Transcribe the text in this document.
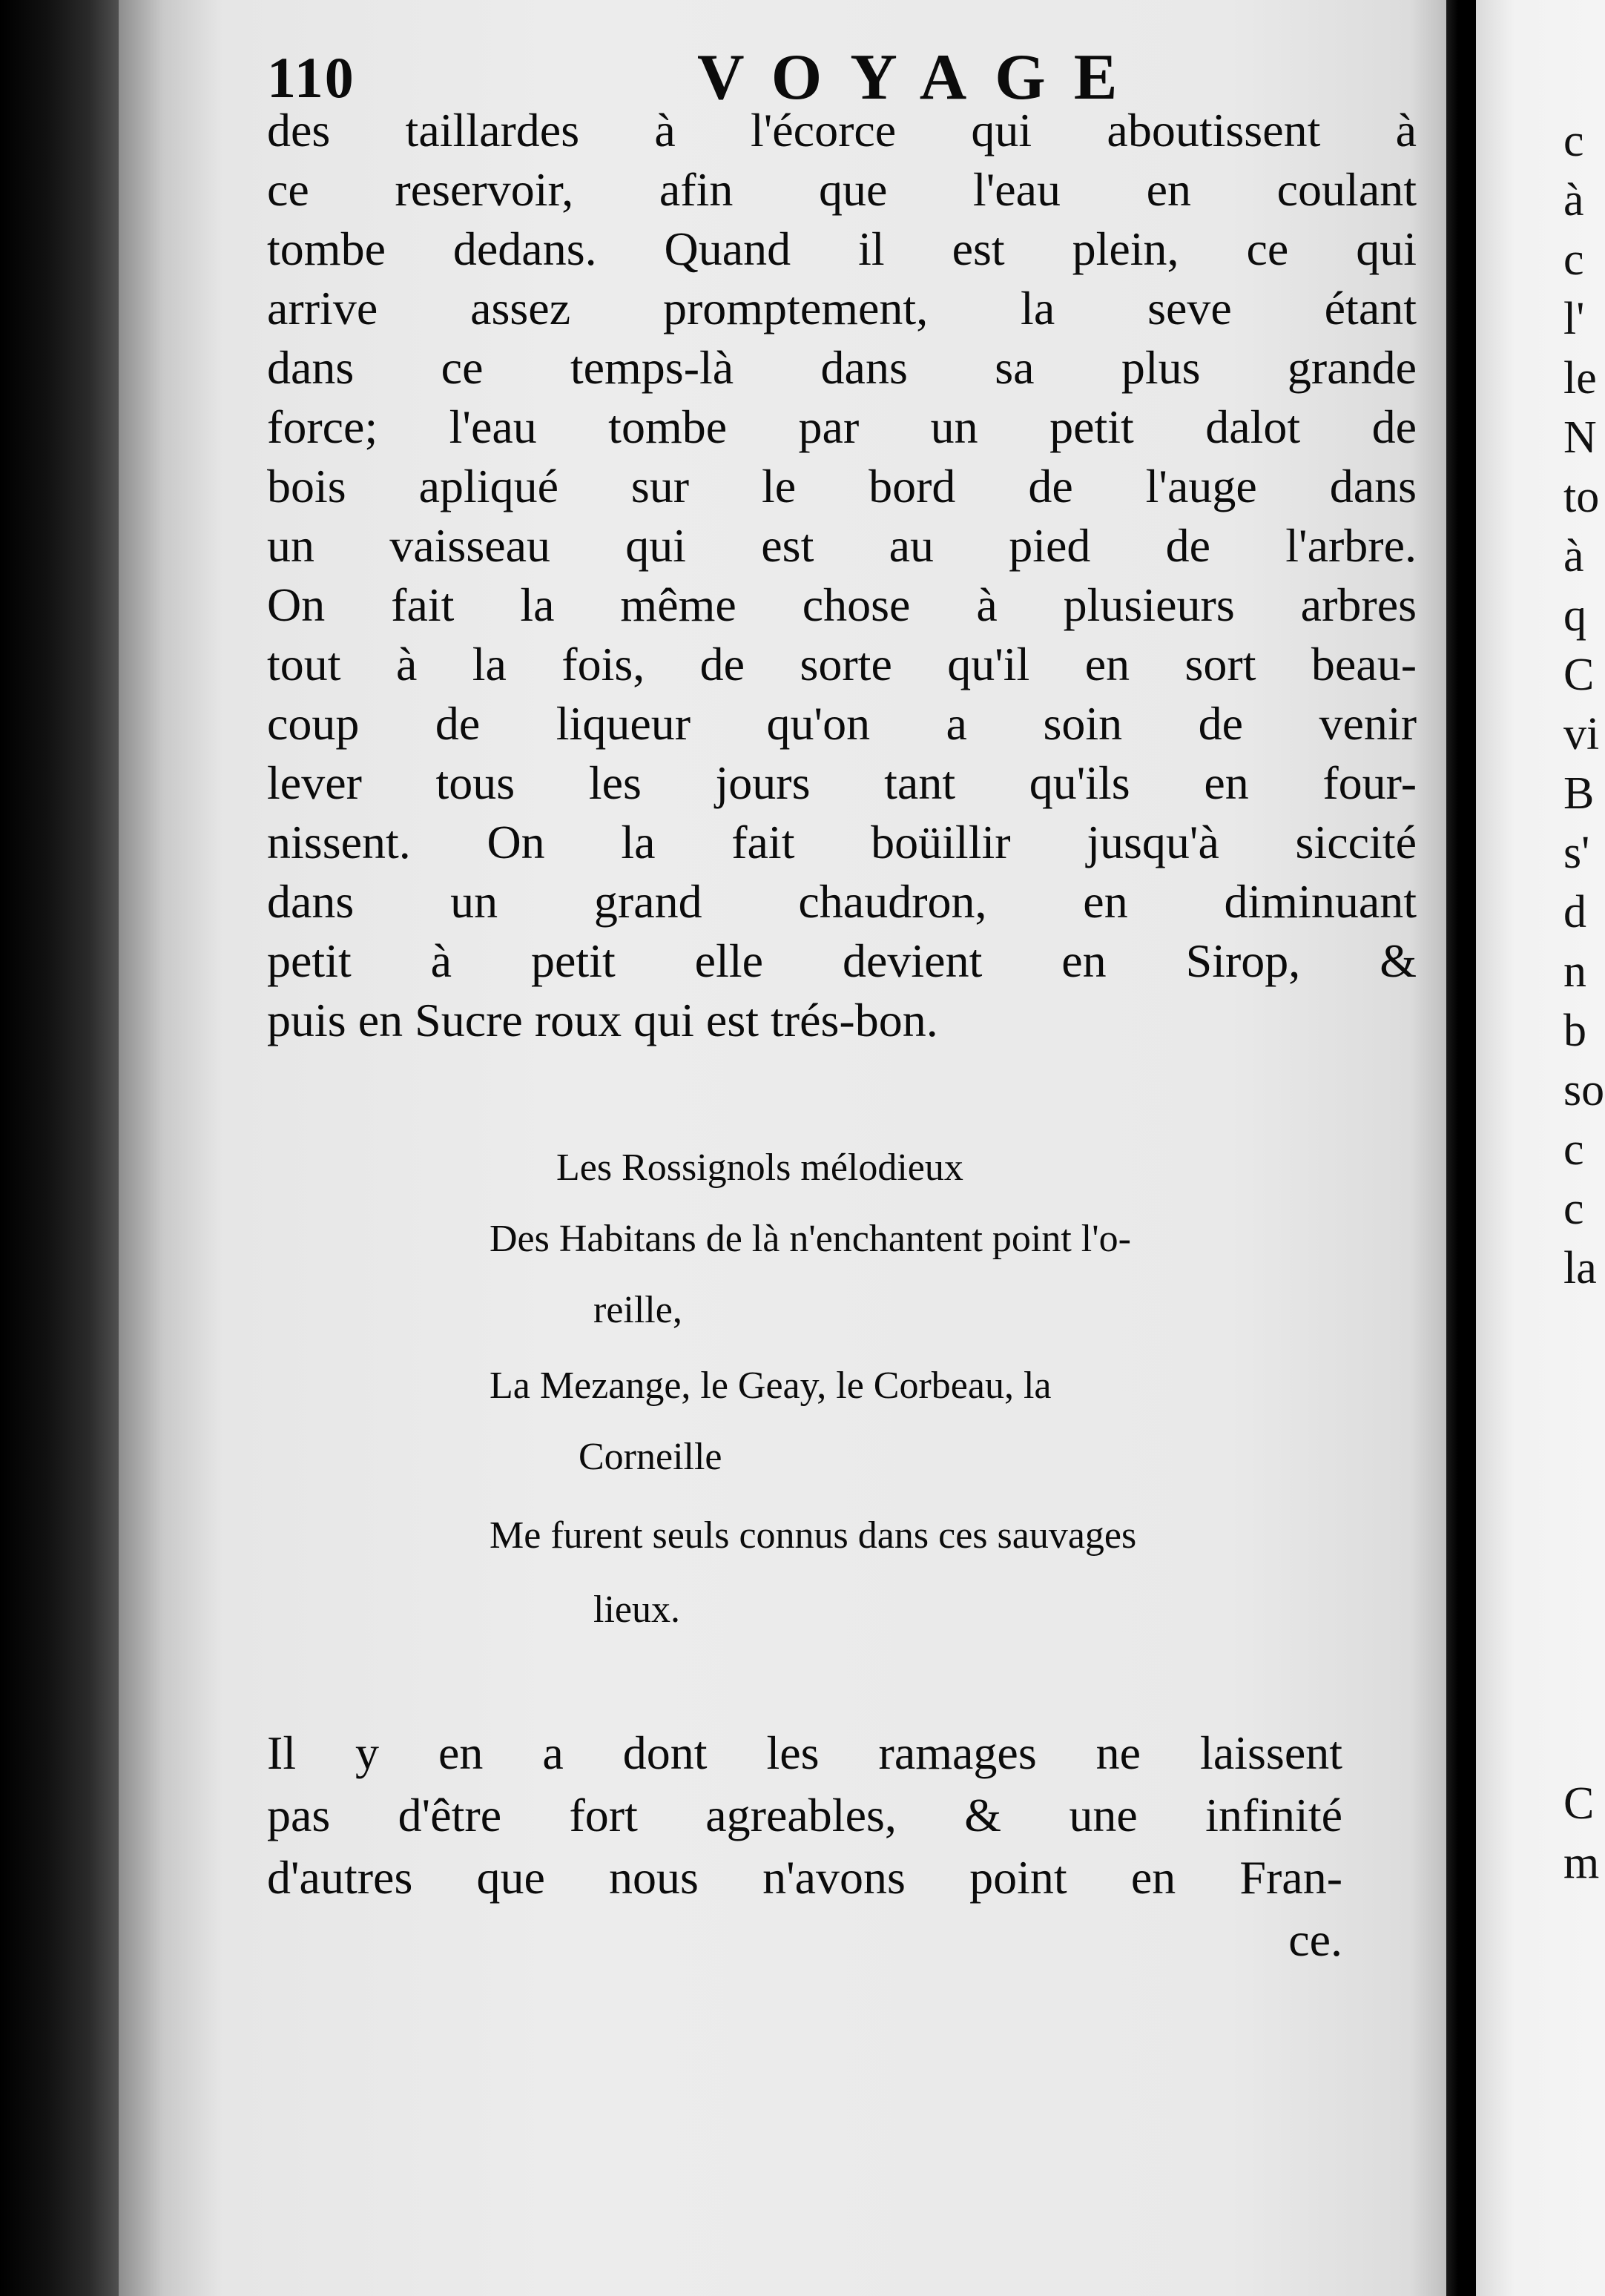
110	VOYAGE
des taillardes à l'écorce qui aboutissent à
ce reservoir, afin que l'eau en coulant
tombe dedans. Quand il est plein, ce qui
arrive assez promptement, la seve étant
dans ce temps-là dans sa plus grande
force; l'eau tombe par un petit dalot de
bois apliqué sur le bord de l'auge dans
un vaisseau qui est au pied de l'arbre.
On fait la même chose à plusieurs arbres
tout à la fois, de sorte qu'il en sort beau-
coup de liqueur qu'on a soin de venir
lever tous les jours tant qu'ils en four-
nissent. On la fait boüillir jusqu'à siccité
dans un grand chaudron, en diminuant
petit à petit elle devient en Sirop, &
puis en Sucre roux qui est trés-bon.
Les Rossignols mélodieux
Des Habitans de là n'enchantent point l'o-
reille,
La Mezange, le Geay, le Corbeau, la
Corneille
Me furent seuls connus dans ces sauvages
lieux.
Il y en a dont les ramages ne laissent
pas d'être fort agreables, & une infinité
d'autres que nous n'avons point en Fran-
ce.
c
à
c
l'
le
N
to
à
q
C
vi
B
s'
d
n
b
so
c
c
la
C
m
